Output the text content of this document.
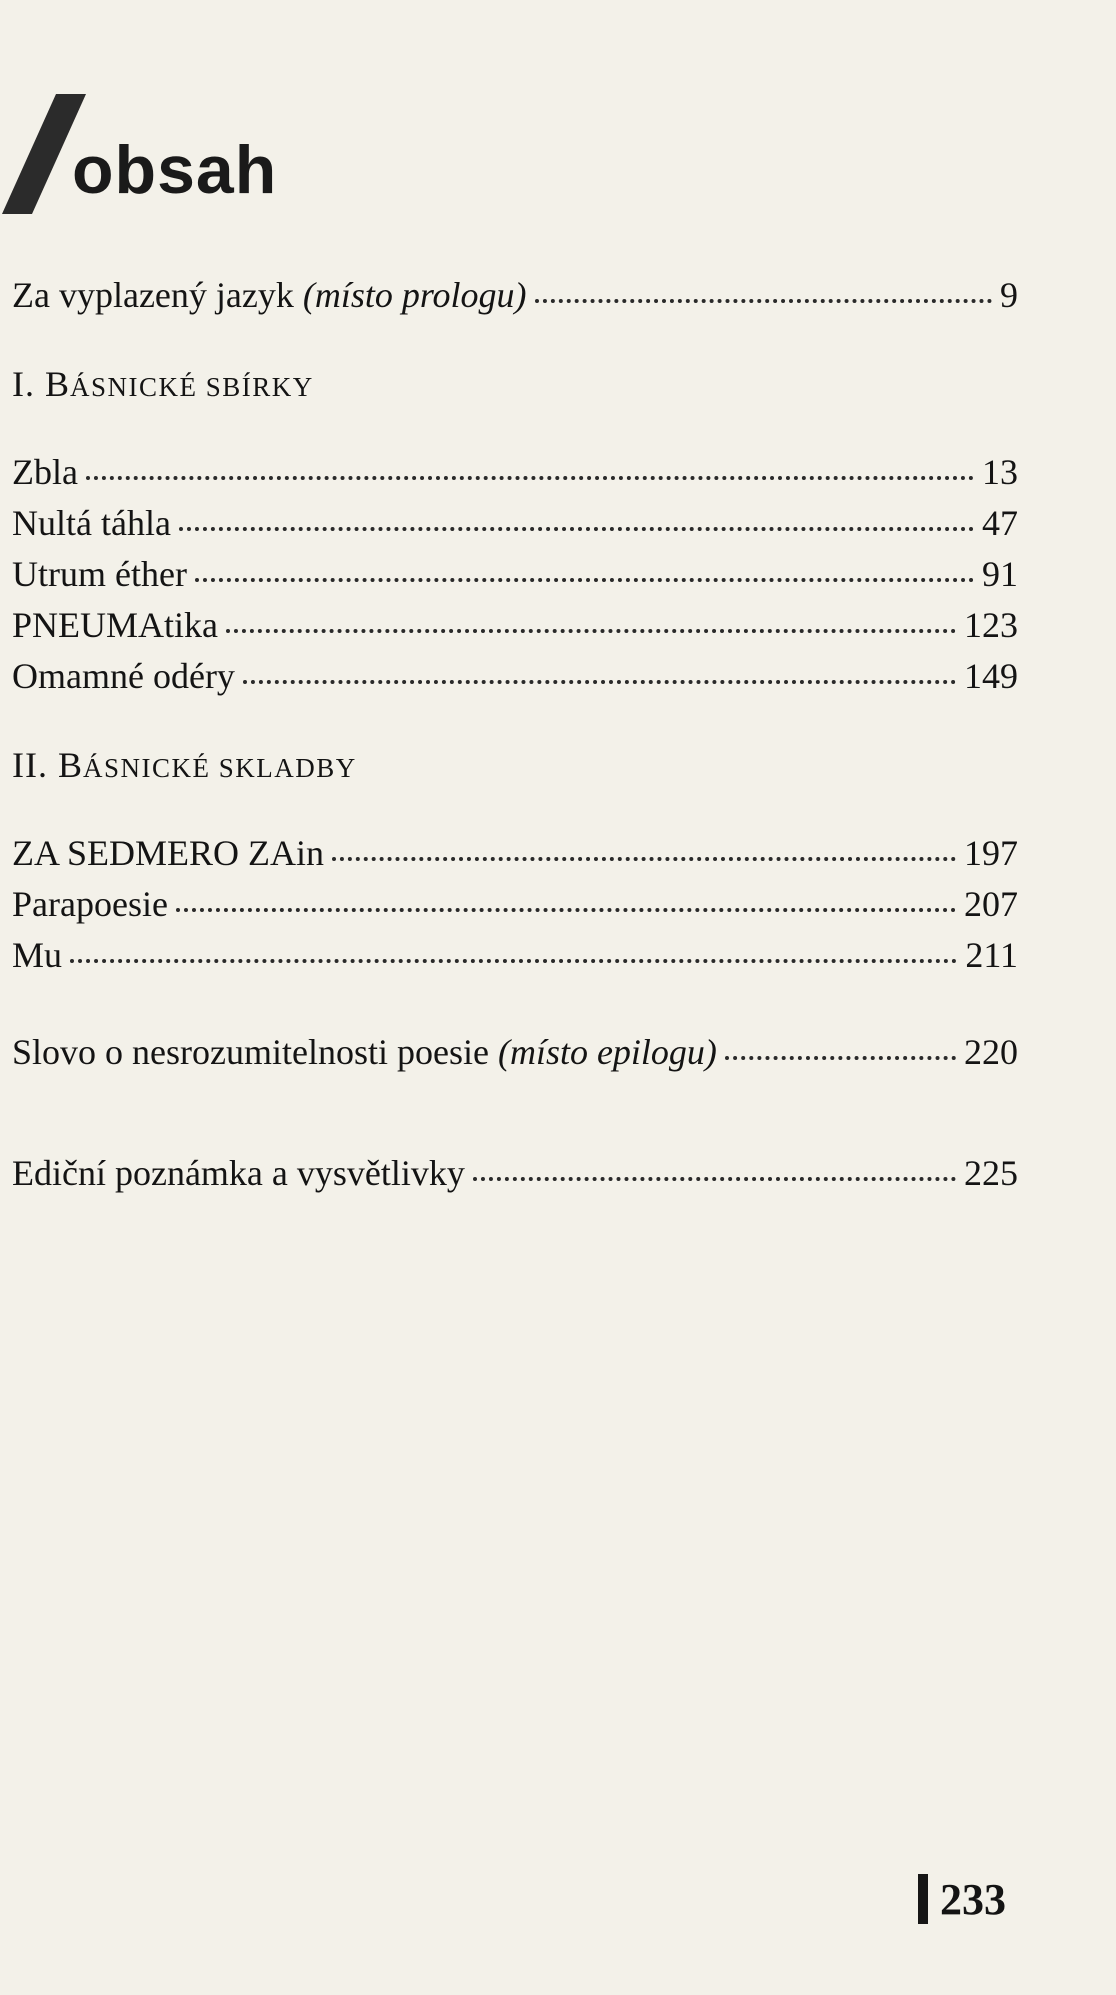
obsah
Za vyplazený jazyk (místo prologu)	9
I. BÁSNICKÉ SBÍRKY
Zbla	13
Nultá táhla	47
Utrum éther	91
PNEUMAtika	123
Omamné odéry	149
II. BÁSNICKÉ SKLADBY
ZA SEDMERO ZAin	197
Parapoesie	207
Mu	211
Slovo o nesrozumitelnosti poesie (místo epilogu)	220
Ediční poznámka a vysvětlivky	225
233
